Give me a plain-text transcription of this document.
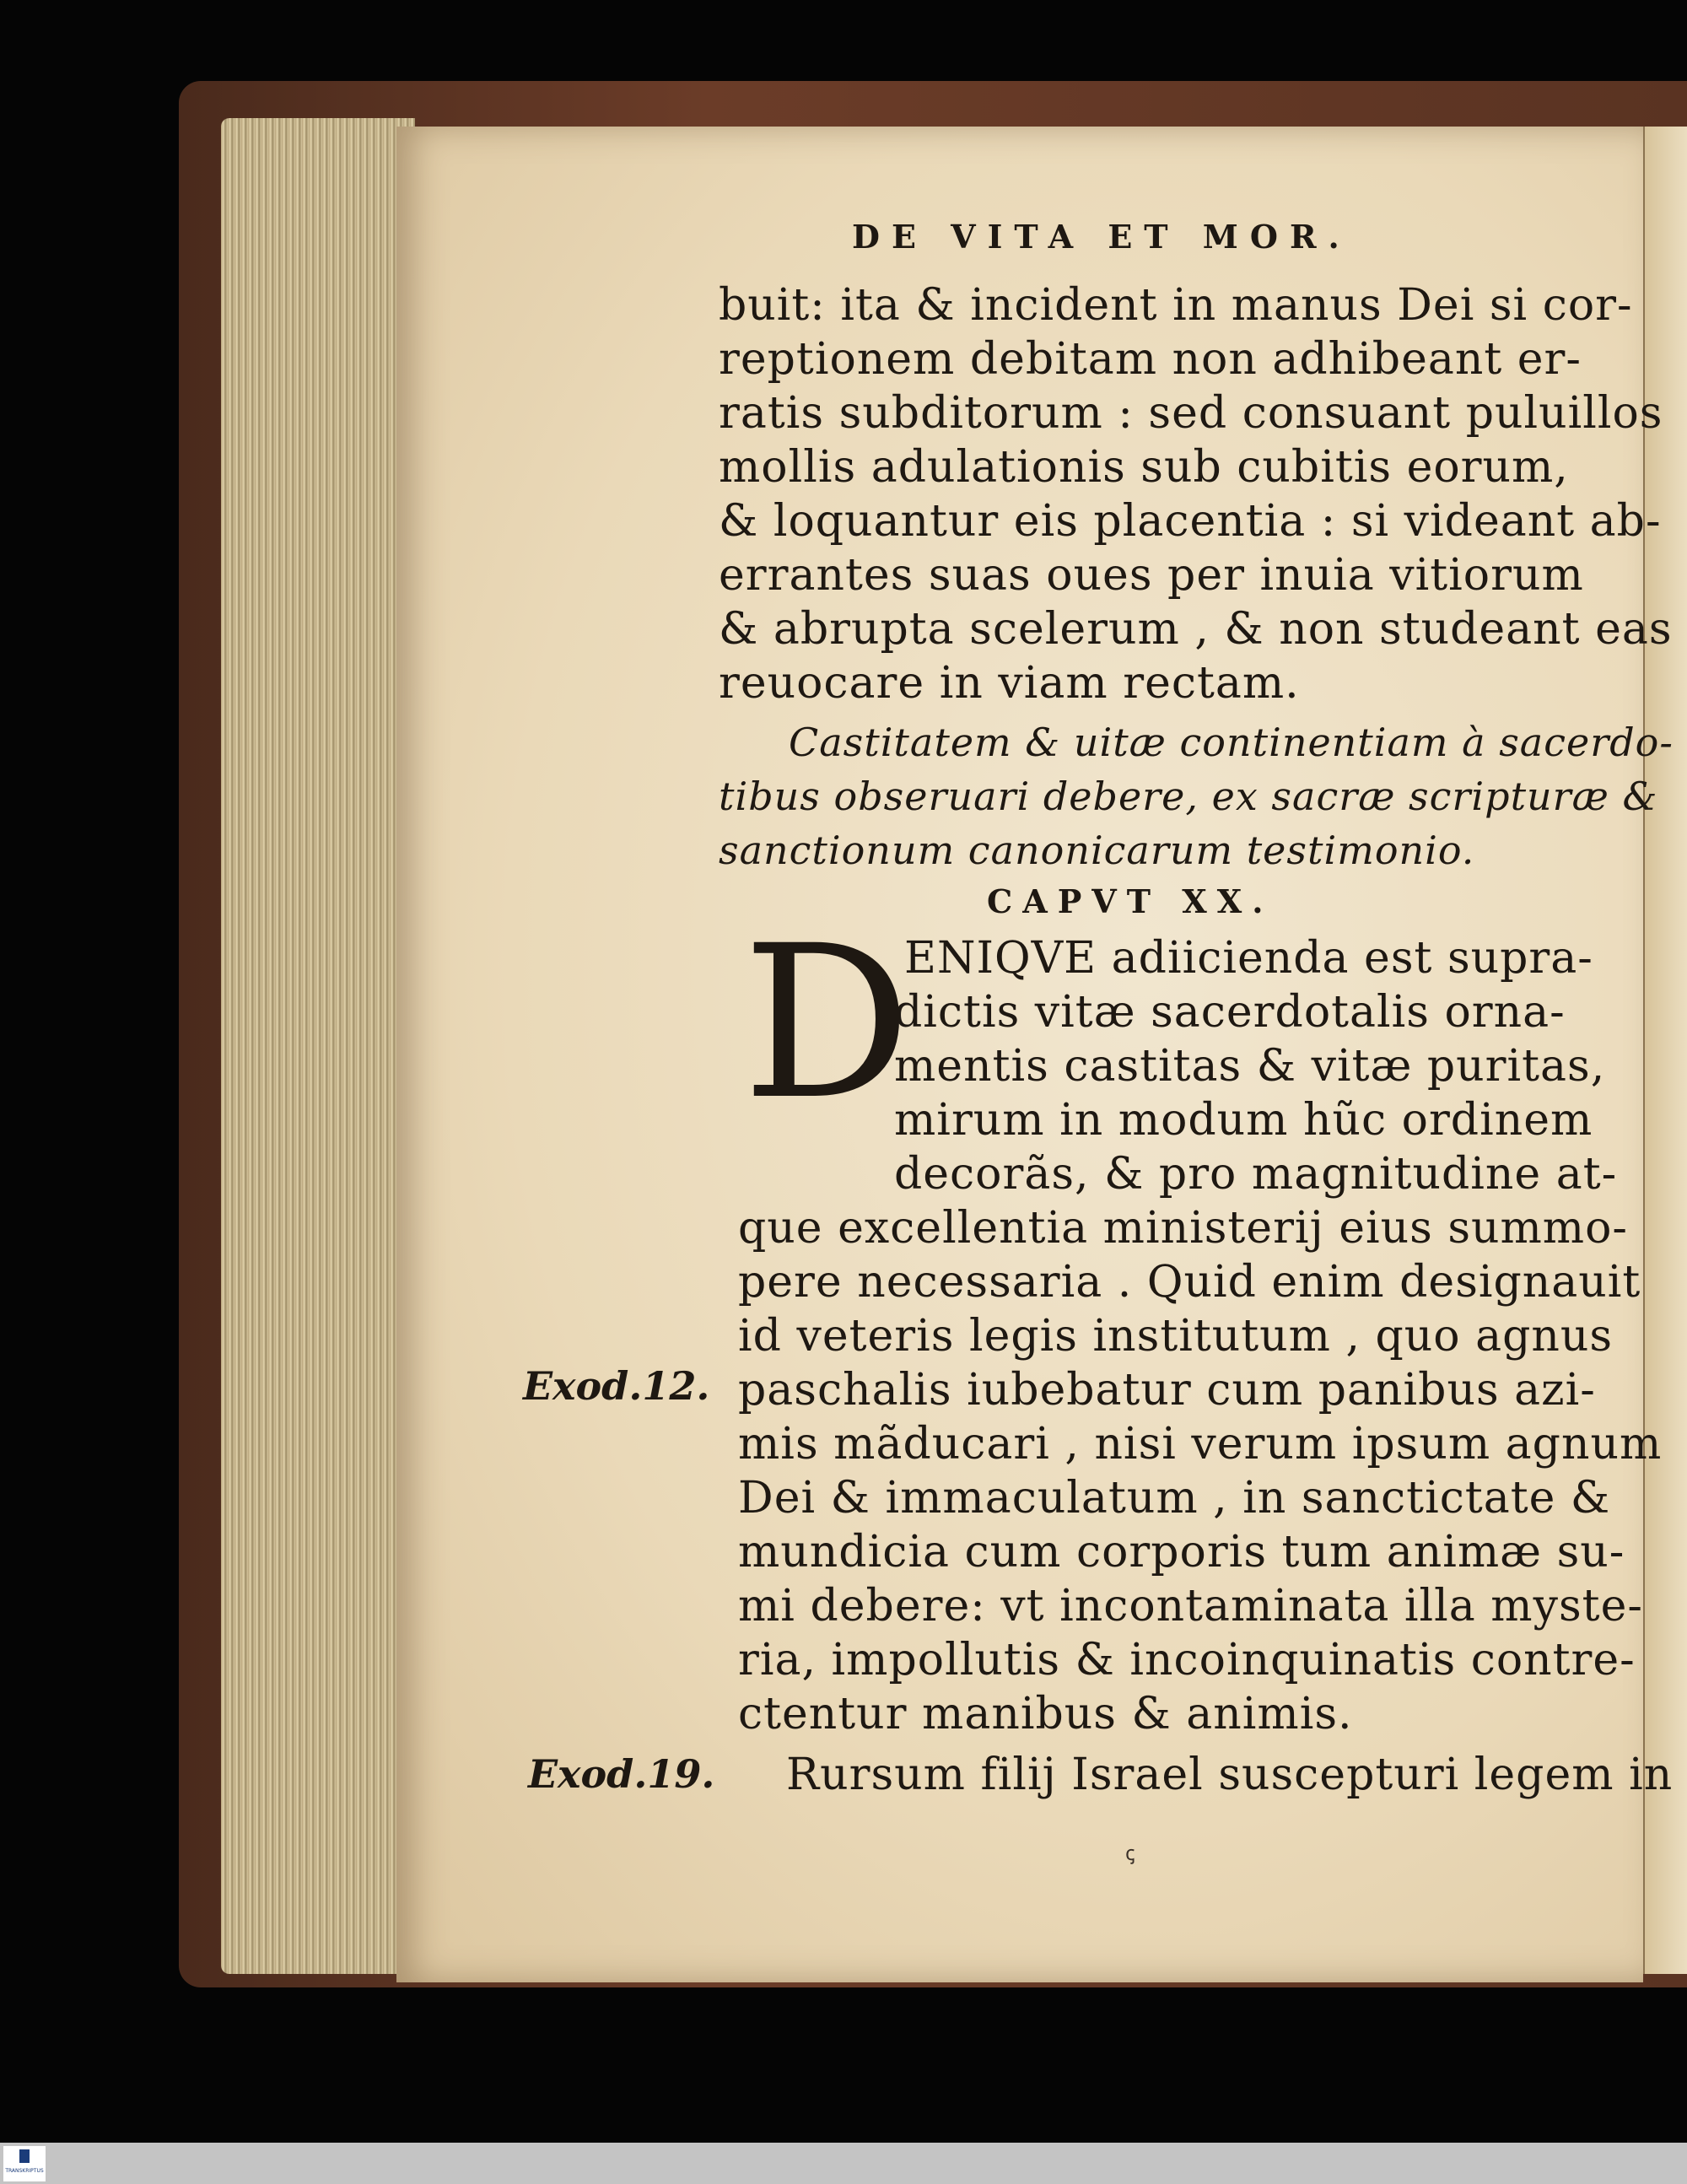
DE VITA ET MOR.
buit: ita & incident in manus Dei si cor-
reptionem debitam non adhibeant er-
ratis subditorum : sed consuant puluillos
mollis adulationis sub cubitis eorum,
& loquantur eis placentia : si videant ab-
errantes suas oues per inuia vitiorum
& abrupta scelerum , & non studeant eas
reuocare in viam rectam.
Castitatem & uitæ continentiam à sacerdo-
tibus obseruari debere, ex sacræ scripturæ &
sanctionum canonicarum testimonio.
CAPVT XX.
D
ENIQVE adiicienda est supra-
dictis vitæ sacerdotalis orna-
mentis castitas & vitæ puritas,
mirum in modum hũc ordinem
decorãs, & pro magnitudine at-
que excellentia ministerij eius summo-
pere necessaria . Quid enim designauit
id veteris legis institutum , quo agnus
paschalis iubebatur cum panibus azi-
mis mãducari , nisi verum ipsum agnum
Dei & immaculatum , in sanctictate &
mundicia cum corporis tum animæ su-
mi debere: vt incontaminata illa myste-
ria, impollutis & incoinquinatis contre-
ctentur manibus & animis.
Rursum filij Israel suscepturi legem in
Exod.12.
Exod.19.
ꞔ
TRANSKRIPTUS
